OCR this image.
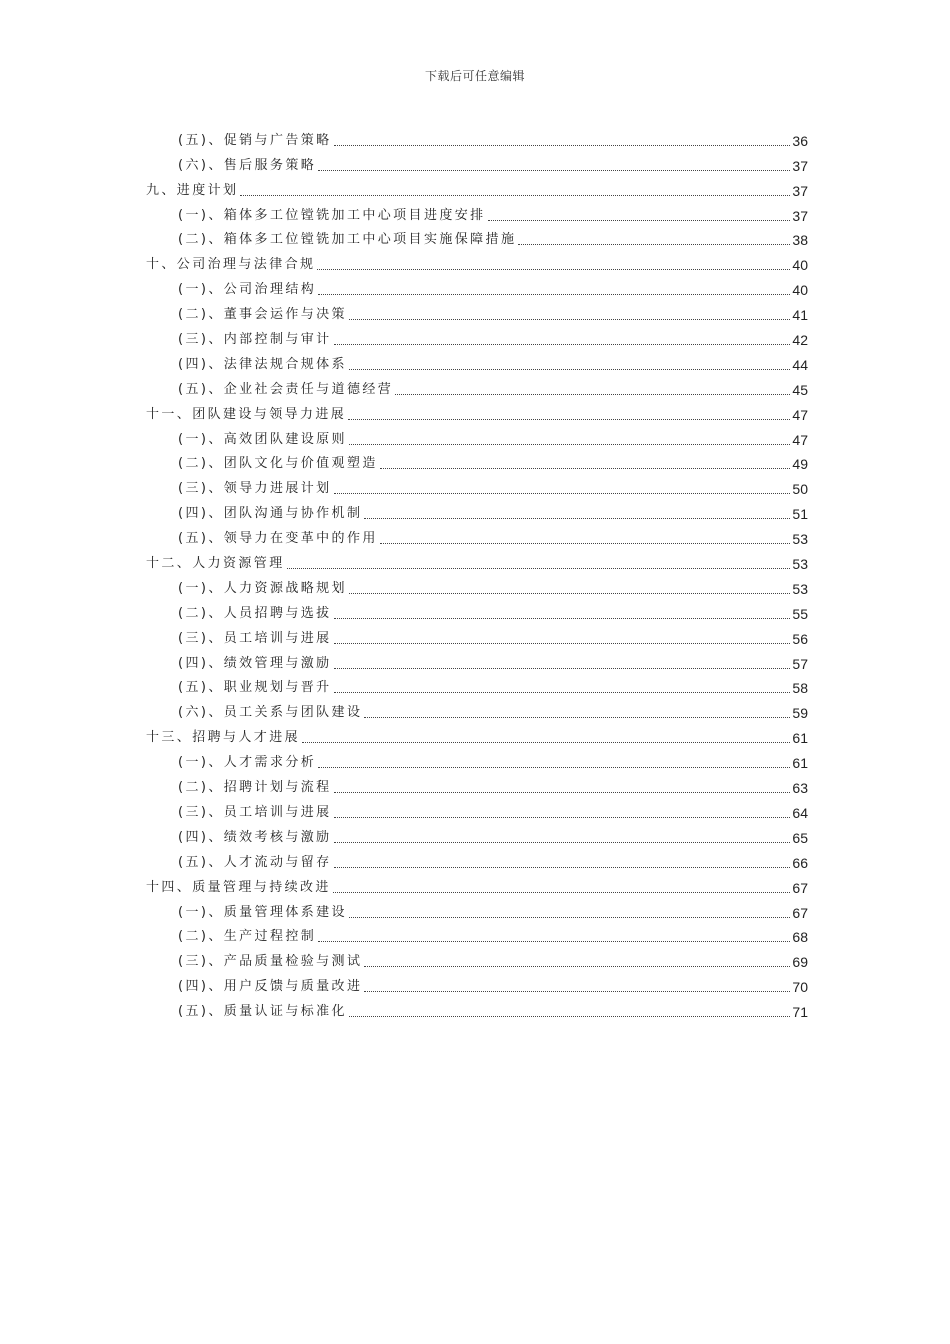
下载后可任意编辑
(五)、促销与广告策略	36
(六)、售后服务策略	37
九、进度计划	37
(一)、箱体多工位镗铣加工中心项目进度安排	37
(二)、箱体多工位镗铣加工中心项目实施保障措施	38
十、公司治理与法律合规	40
(一)、公司治理结构	40
(二)、董事会运作与决策	41
(三)、内部控制与审计	42
(四)、法律法规合规体系	44
(五)、企业社会责任与道德经营	45
十一、团队建设与领导力进展	47
(一)、高效团队建设原则	47
(二)、团队文化与价值观塑造	49
(三)、领导力进展计划	50
(四)、团队沟通与协作机制	51
(五)、领导力在变革中的作用	53
十二、人力资源管理	53
(一)、人力资源战略规划	53
(二)、人员招聘与选拔	55
(三)、员工培训与进展	56
(四)、绩效管理与激励	57
(五)、职业规划与晋升	58
(六)、员工关系与团队建设	59
十三、招聘与人才进展	61
(一)、人才需求分析	61
(二)、招聘计划与流程	63
(三)、员工培训与进展	64
(四)、绩效考核与激励	65
(五)、人才流动与留存	66
十四、质量管理与持续改进	67
(一)、质量管理体系建设	67
(二)、生产过程控制	68
(三)、产品质量检验与测试	69
(四)、用户反馈与质量改进	70
(五)、质量认证与标准化	71
